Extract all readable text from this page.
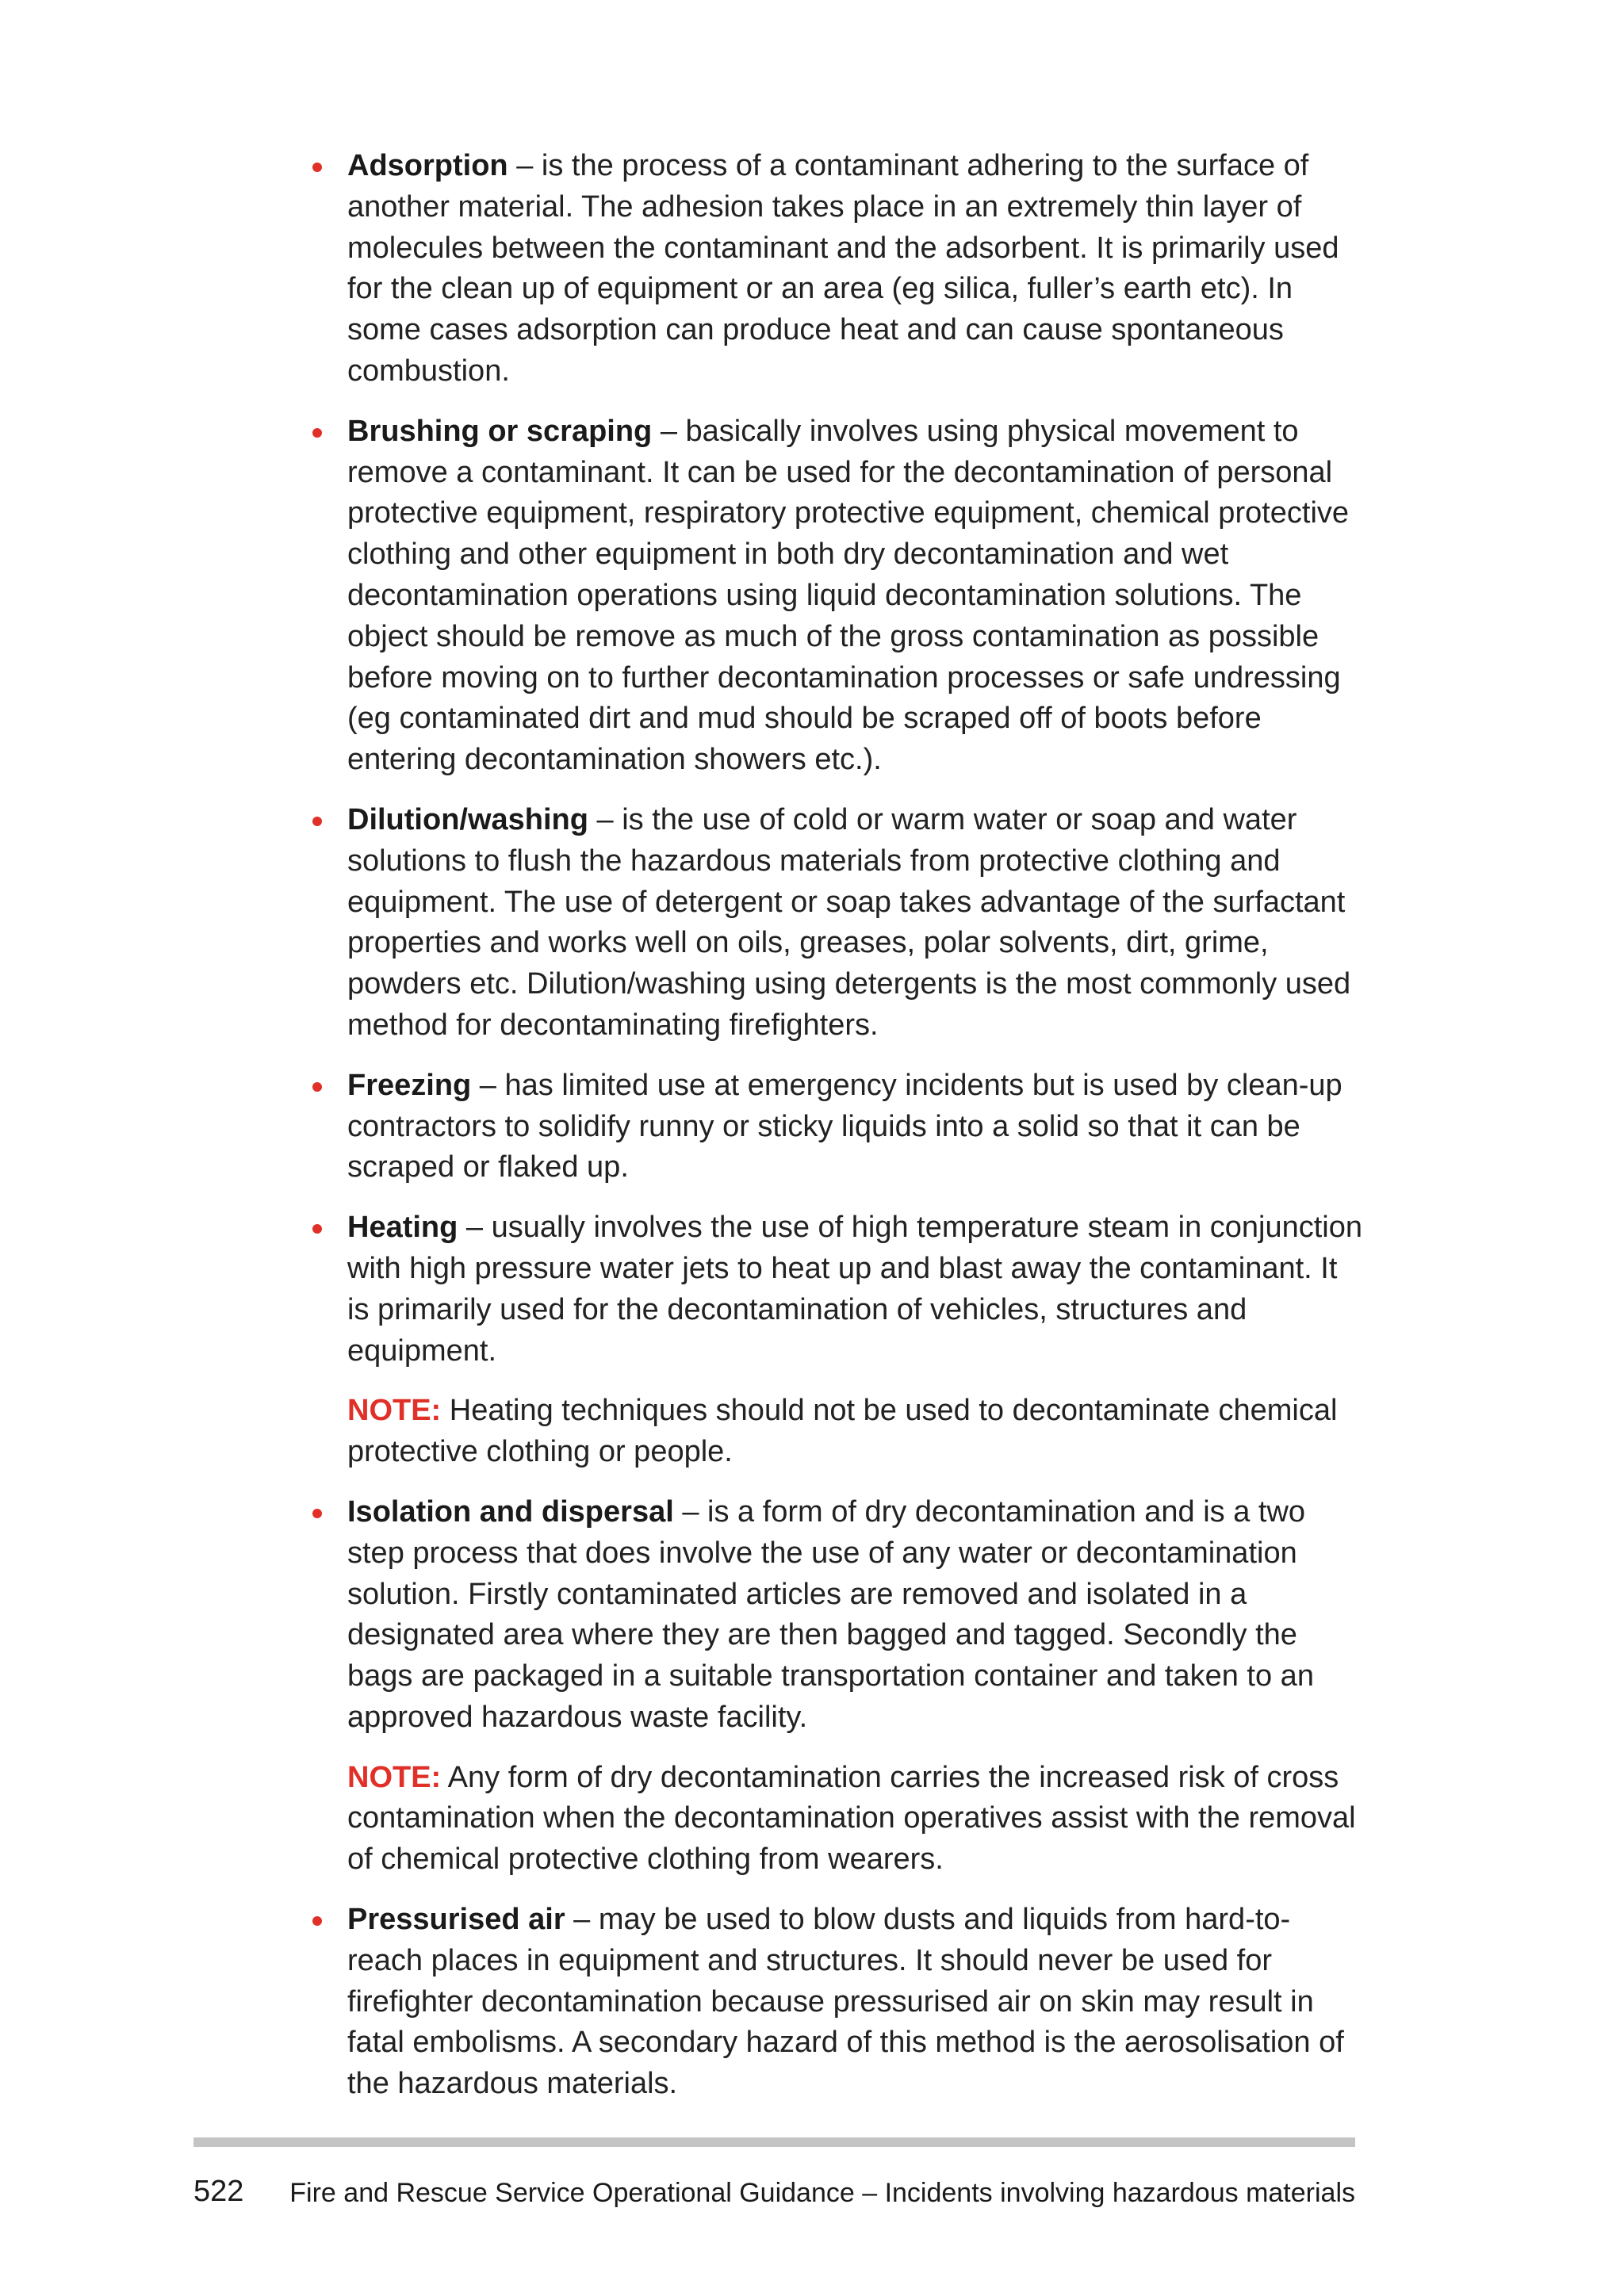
Adsorption – is the process of a contaminant adhering to the surface of another material. The adhesion takes place in an extremely thin layer of molecules between the contaminant and the adsorbent. It is primarily used for the clean up of equipment or an area (eg silica, fuller’s earth etc). In some cases adsorption can produce heat and can cause spontaneous combustion.
Brushing or scraping – basically involves using physical movement to remove a contaminant. It can be used for the decontamination of personal protective equipment, respiratory protective equipment, chemical protective clothing and other equipment in both dry decontamination and wet decontamination operations using liquid decontamination solutions. The object should be remove as much of the gross contamination as possible before moving on to further decontamination processes or safe undressing (eg contaminated dirt and mud should be scraped off of boots before entering decontamination showers etc.).
Dilution/washing – is the use of cold or warm water or soap and water solutions to flush the hazardous materials from protective clothing and equipment. The use of detergent or soap takes advantage of the surfactant properties and works well on oils, greases, polar solvents, dirt, grime, powders etc. Dilution/washing using detergents is the most commonly used method for decontaminating firefighters.
Freezing – has limited use at emergency incidents but is used by clean-up contractors to solidify runny or sticky liquids into a solid so that it can be scraped or flaked up.
Heating – usually involves the use of high temperature steam in conjunction with high pressure water jets to heat up and blast away the contaminant. It is primarily used for the decontamination of vehicles, structures and equipment.
NOTE: Heating techniques should not be used to decontaminate chemical protective clothing or people.
Isolation and dispersal – is a form of dry decontamination and is a two step process that does involve the use of any water or decontamination solution. Firstly contaminated articles are removed and isolated in a designated area where they are then bagged and tagged. Secondly the bags are packaged in a suitable transportation container and taken to an approved hazardous waste facility.
NOTE: Any form of dry decontamination carries the increased risk of cross contamination when the decontamination operatives assist with the removal of chemical protective clothing from wearers.
Pressurised air – may be used to blow dusts and liquids from hard-to-reach places in equipment and structures. It should never be used for firefighter decontamination because pressurised air on skin may result in fatal embolisms. A secondary hazard of this method is the aerosolisation of the hazardous materials.
522 Fire and Rescue Service Operational Guidance – Incidents involving hazardous materials
